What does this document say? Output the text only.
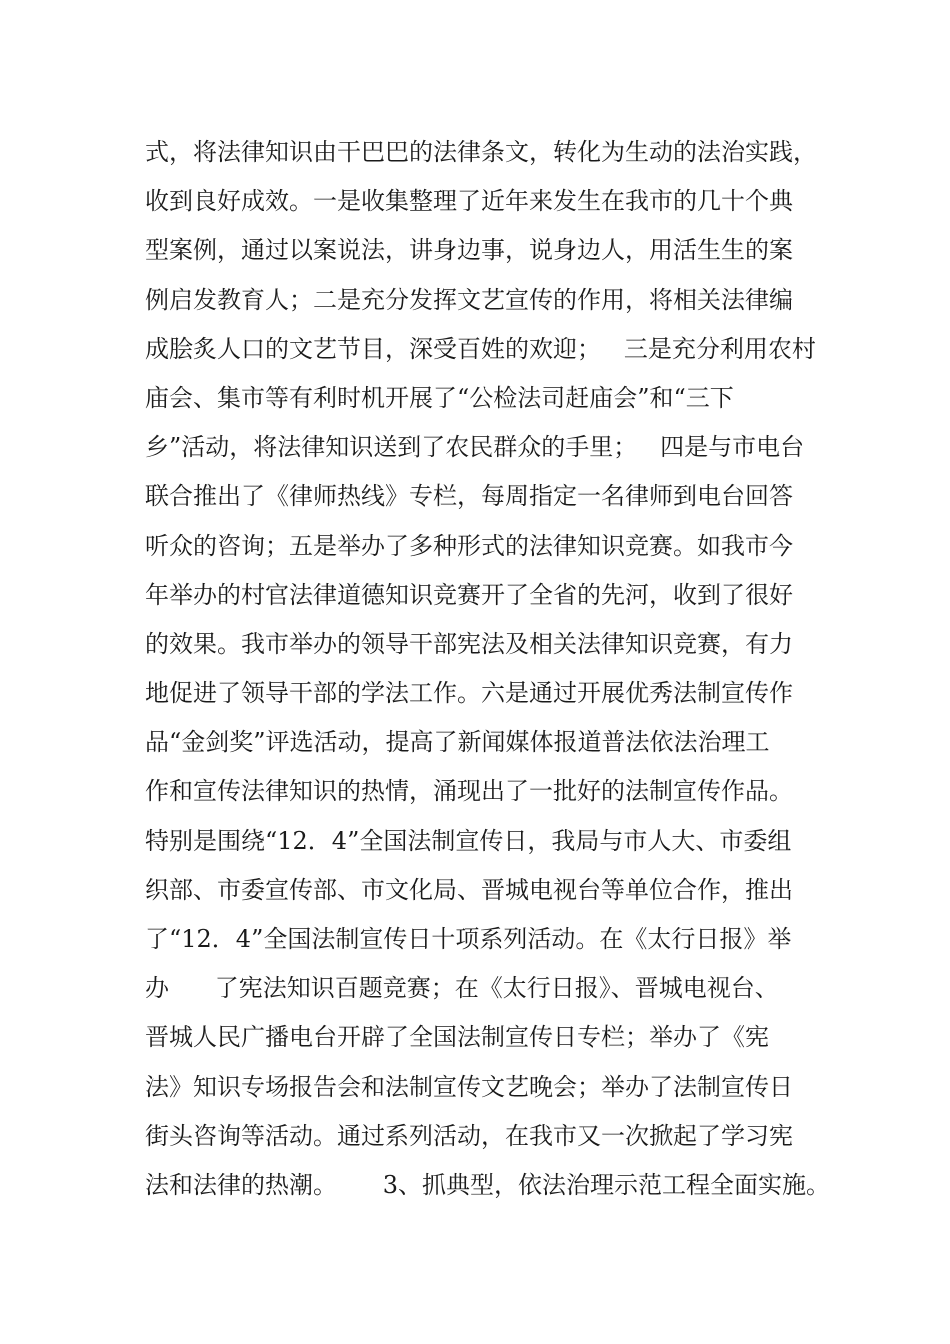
式，将法律知识由干巴巴的法律条文，转化为生动的法治实践，
收到良好成效。一是收集整理了近年来发生在我市的几十个典
型案例，通过以案说法，讲身边事，说身边人，用活生生的案
例启发教育人；二是充分发挥文艺宣传的作用，将相关法律编
成脍炙人口的文艺节目，深受百姓的欢迎；   三是充分利用农村
庙会、集市等有利时机开展了“公检法司赶庙会”和“三下
乡”活动，将法律知识送到了农民群众的手里；   四是与市电台
联合推出了《律师热线》专栏，每周指定一名律师到电台回答
听众的咨询；五是举办了多种形式的法律知识竞赛。如我市今
年举办的村官法律道德知识竞赛开了全省的先河，收到了很好
的效果。我市举办的领导干部宪法及相关法律知识竞赛，有力
地促进了领导干部的学法工作。六是通过开展优秀法制宣传作
品“金剑奖”评选活动，提高了新闻媒体报道普法依法治理工
作和宣传法律知识的热情，涌现出了一批好的法制宣传作品。
特别是围绕“12．4”全国法制宣传日，我局与市人大、市委组
织部、市委宣传部、市文化局、晋城电视台等单位合作，推出
了“12．4”全国法制宣传日十项系列活动。在《太行日报》举
办      了宪法知识百题竞赛；在《太行日报》、晋城电视台、
晋城人民广播电台开辟了全国法制宣传日专栏；举办了《宪
法》知识专场报告会和法制宣传文艺晚会；举办了法制宣传日
街头咨询等活动。通过系列活动，在我市又一次掀起了学习宪
法和法律的热潮。      3、抓典型，依法治理示范工程全面实施。
